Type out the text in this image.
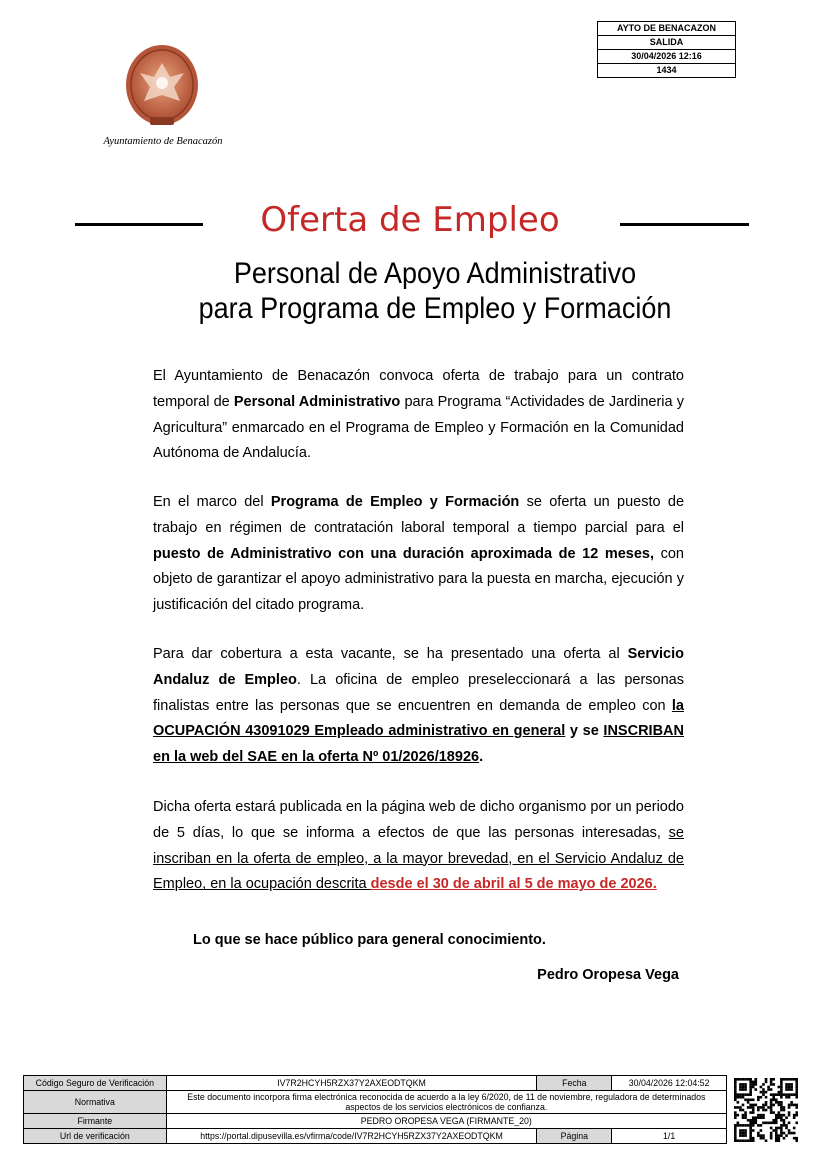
AYTO DE BENACAZON
SALIDA
30/04/2026 12:16
1434
Ayuntamiento de Benacazón
Oferta de Empleo
Personal de Apoyo Administrativo
para Programa de Empleo y Formación
El Ayuntamiento de Benacazón convoca oferta de trabajo para un contrato temporal de Personal Administrativo para Programa “Actividades de Jardineria y Agricultura” enmarcado en el Programa de Empleo y Formación en la Comunidad Autónoma de Andalucía.
En el marco del Programa de Empleo y Formación se oferta un puesto de trabajo en régimen de contratación laboral temporal a tiempo parcial para el puesto de Administrativo con una duración aproximada de 12 meses, con objeto de garantizar el apoyo administrativo para la puesta en marcha, ejecución y justificación del citado programa.
Para dar cobertura a esta vacante, se ha presentado una oferta al Servicio Andaluz de Empleo. La oficina de empleo preseleccionará a las personas finalistas entre las personas que se encuentren en demanda de empleo con la OCUPACIÓN 43091029 Empleado administrativo en general y se INSCRIBAN en la web del SAE en la oferta Nº 01/2026/18926.
Dicha oferta estará publicada en la página web de dicho organismo por un periodo de 5 días, lo que se informa a efectos de que las personas interesadas, se inscriban en la oferta de empleo, a la mayor brevedad, en el Servicio Andaluz de Empleo, en la ocupación descrita desde el 30 de abril al 5 de mayo de 2026.
Lo que se hace público para general conocimiento.
Pedro Oropesa Vega
Código Seguro de Verificación	IV7R2HCYH5RZX37Y2AXEODTQKM	Fecha	30/04/2026 12:04:52
Normativa	Este documento incorpora firma electrónica reconocida de acuerdo a la ley 6/2020, de 11 de noviembre, reguladora de determinados aspectos de los servicios electrónicos de confianza.		
Firmante	PEDRO OROPESA VEGA (FIRMANTE_20)		
Url de verificación	https://portal.dipusevilla.es/vfirma/code/IV7R2HCYH5RZX37Y2AXEODTQKM	Página	1/1
